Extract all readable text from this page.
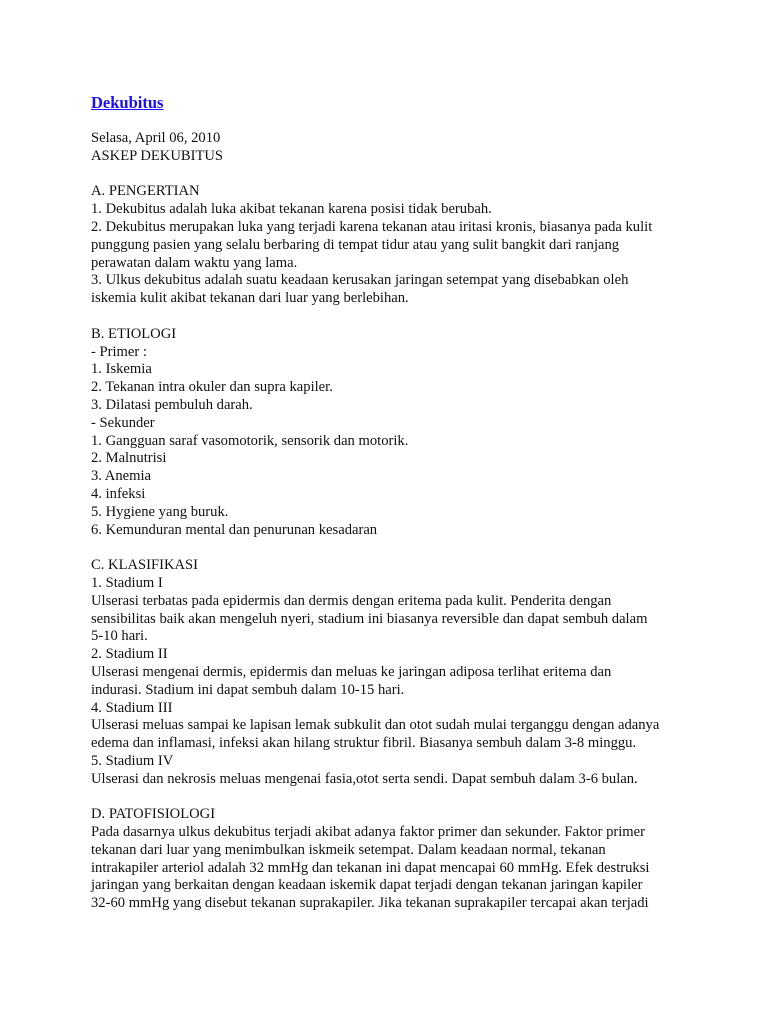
Dekubitus
Selasa, April 06, 2010
ASKEP DEKUBITUS
A. PENGERTIAN
1. Dekubitus adalah luka akibat tekanan karena posisi tidak berubah.
2. Dekubitus merupakan luka yang terjadi karena tekanan atau iritasi kronis, biasanya pada kulit
punggung pasien yang selalu berbaring di tempat tidur atau yang sulit bangkit dari ranjang
perawatan dalam waktu yang lama.
3. Ulkus dekubitus adalah suatu keadaan kerusakan jaringan setempat yang disebabkan oleh
iskemia kulit akibat tekanan dari luar yang berlebihan.
B. ETIOLOGI
- Primer :
1. Iskemia
2. Tekanan intra okuler dan supra kapiler.
3. Dilatasi pembuluh darah.
- Sekunder
1. Gangguan saraf vasomotorik, sensorik dan motorik.
2. Malnutrisi
3. Anemia
4. infeksi
5. Hygiene yang buruk.
6. Kemunduran mental dan penurunan kesadaran
C. KLASIFIKASI
1. Stadium I
Ulserasi terbatas pada epidermis dan dermis dengan eritema pada kulit. Penderita dengan
sensibilitas baik akan mengeluh nyeri, stadium ini biasanya reversible dan dapat sembuh dalam
5-10 hari.
2. Stadium II
Ulserasi mengenai dermis, epidermis dan meluas ke jaringan adiposa terlihat eritema dan
indurasi. Stadium ini dapat sembuh dalam 10-15 hari.
4. Stadium III
Ulserasi meluas sampai ke lapisan lemak subkulit dan otot sudah mulai terganggu dengan adanya
edema dan inflamasi, infeksi akan hilang struktur fibril. Biasanya sembuh dalam 3-8 minggu.
5. Stadium IV
Ulserasi dan nekrosis meluas mengenai fasia,otot serta sendi. Dapat sembuh dalam 3-6 bulan.
D. PATOFISIOLOGI
Pada dasarnya ulkus dekubitus terjadi akibat adanya faktor primer dan sekunder. Faktor primer
tekanan dari luar yang menimbulkan iskmeik setempat. Dalam keadaan normal, tekanan
intrakapiler arteriol adalah 32 mmHg dan tekanan ini dapat mencapai 60 mmHg. Efek destruksi
jaringan yang berkaitan dengan keadaan iskemik dapat terjadi dengan tekanan jaringan kapiler
32-60 mmHg yang disebut tekanan suprakapiler. Jika tekanan suprakapiler tercapai akan terjadi
